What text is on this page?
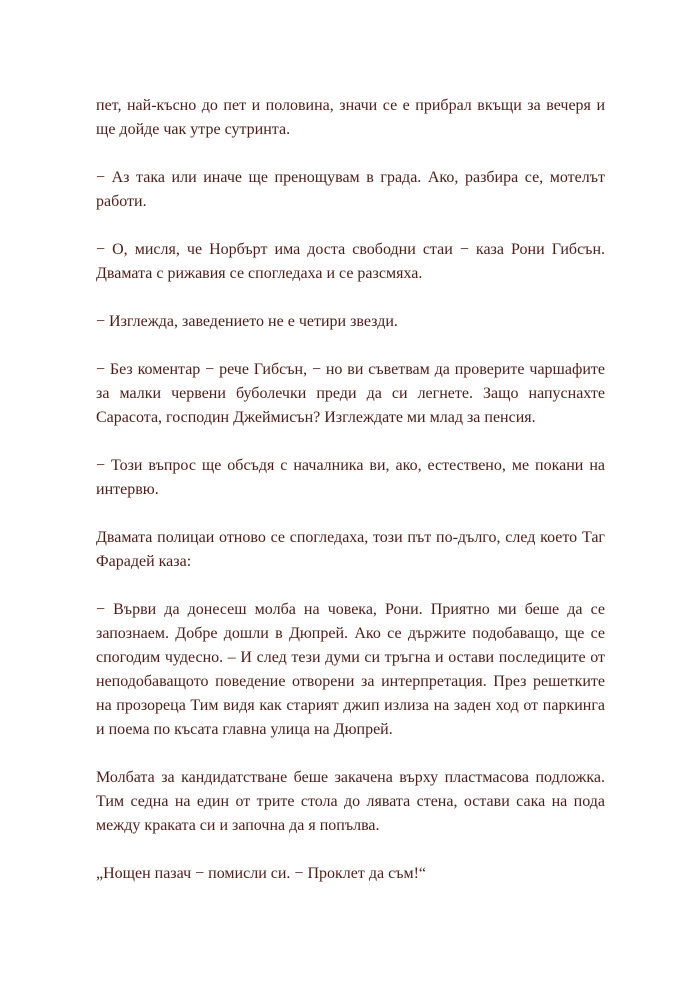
пет, най-късно до пет и половина, значи се е прибрал вкъщи за вечеря и ще дойде чак утре сутринта.

− Аз така или иначе ще пренощувам в града. Ако, разбира се, мотелът работи.

− О, мисля, че Норбърт има доста свободни стаи − каза Рони Гибсън. Двамата с рижавия се спогледаха и се разсмяха.

− Изглежда, заведението не е четири звезди.

− Без коментар − рече Гибсън, − но ви съветвам да проверите чаршафите за малки червени буболечки преди да си легнете. Защо напуснахте Сарасота, господин Джеймисън? Изглеждате ми млад за пенсия.

− Този въпрос ще обсъдя с началника ви, ако, естествено, ме покани на интервю.

Двамата полицаи отново се спогледаха, този път по-дълго, след което Таг Фарадей каза:

− Върви да донесеш молба на човека, Рони. Приятно ми беше да се запознаем. Добре дошли в Дюпрей. Ако се държите подобаващо, ще се спогодим чудесно. – И след тези думи си тръгна и остави последиците от неподобаващото поведение отворени за интерпретация. През решетките на прозореца Тим видя как старият джип излиза на заден ход от паркинга и поема по късата главна улица на Дюпрей.

Молбата за кандидатстване беше закачена върху пластмасова подложка. Тим седна на един от трите стола до лявата стена, остави сака на пода между краката си и започна да я попълва.

„Нощен пазач − помисли си. − Проклет да съм!“
